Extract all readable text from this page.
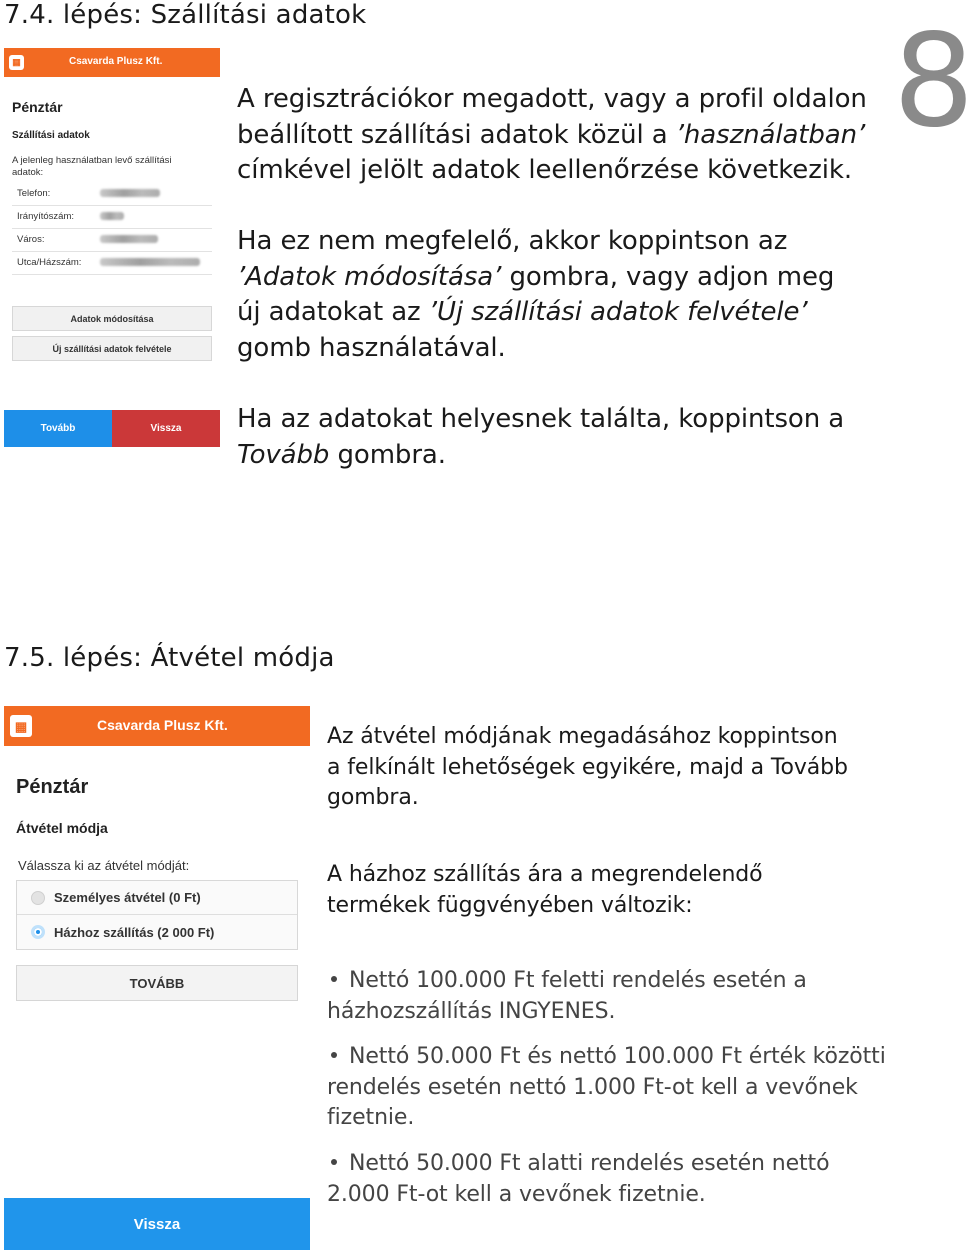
7.4. lépés: Szállítási adatok	8
▦	Csavarda Plusz Kft.
Pénztár
Szállítási adatok
A jelenleg használatban levő szállítási adatok:
Telefon:
Irányítószám:
Város:
Utca/Házszám:
Adatok módosítása
Új szállítási adatok felvétele
Tovább	Vissza
A regisztrációkor megadott, vagy a profil oldalon
beállított szállítási adatok közül a ’használatban’
címkével jelölt adatok leellenőrzése következik.
Ha ez nem megfelelő, akkor koppintson az
’Adatok módosítása’ gombra, vagy adjon meg
új adatokat az ’Új szállítási adatok felvétele’
gomb használatával.
Ha az adatokat helyesnek találta, koppintson a
Tovább gombra.
7.5. lépés: Átvétel módja
▦	Csavarda Plusz Kft.
Pénztár
Átvétel módja
Válassza ki az átvétel módját:
Személyes átvétel (0 Ft)
Házhoz szállítás (2 000 Ft)
TOVÁBB
Vissza
Az átvétel módjának megadásához koppintson
a felkínált lehetőségek egyikére, majd a Tovább
gombra.
A házhoz szállítás ára a megrendelendő
termékek függvényében változik:
Nettó 100.000 Ft feletti rendelés esetén a
házhozszállítás INGYENES.
Nettó 50.000 Ft és nettó 100.000 Ft érték közötti
rendelés esetén nettó 1.000 Ft-ot kell a vevőnek
fizetnie.
Nettó 50.000 Ft alatti rendelés esetén nettó
2.000 Ft-ot kell a vevőnek fizetnie.
